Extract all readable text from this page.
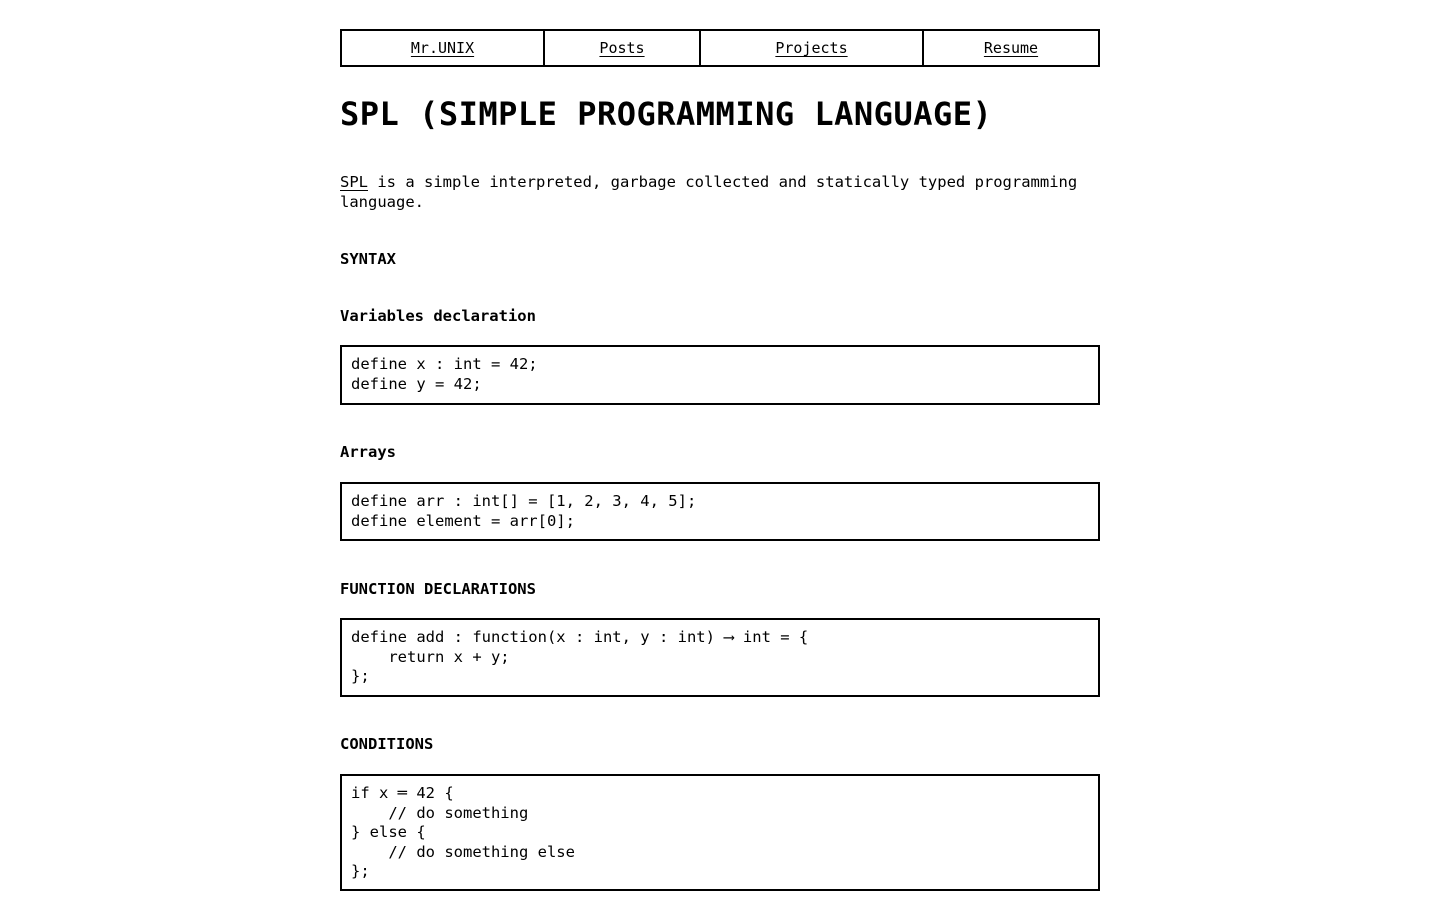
Mr.UNIX	Posts	Projects	Resume
SPL (SIMPLE PROGRAMMING LANGUAGE)

SPL is a simple interpreted, garbage collected and statically typed programming language.

SYNTAX
Variables declaration
define x : int = 42;
define y = 42;
Arrays
define arr : int[] = [1, 2, 3, 4, 5];
define element = arr[0];
FUNCTION DECLARATIONS
define add : function(x : int, y : int) ⟶ int = {
return x + y;
};
CONDITIONS
if x ═ 42 {
// do something
} else {
// do something else
};
